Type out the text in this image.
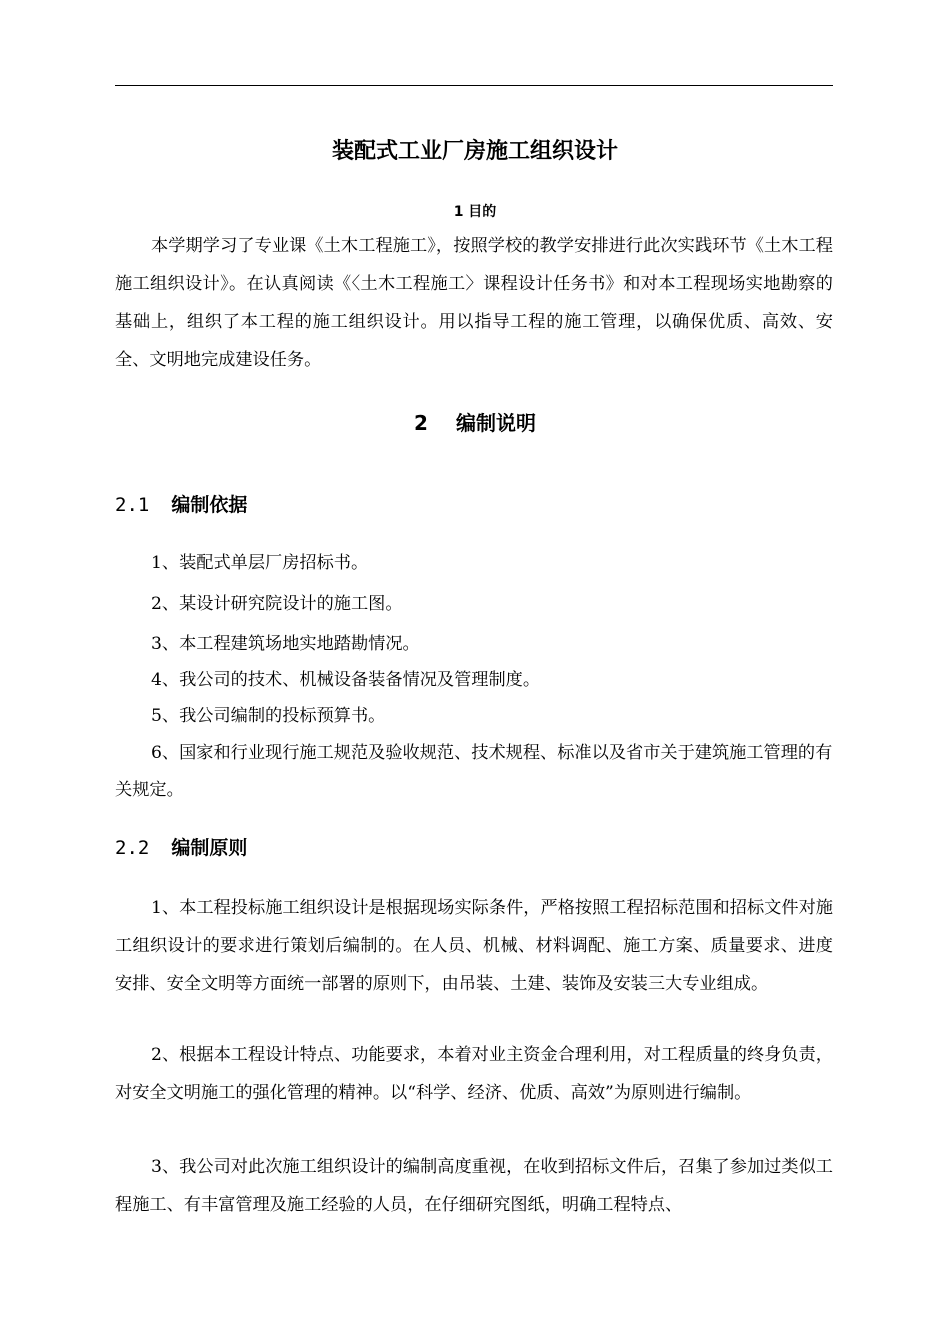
装配式工业厂房施工组织设计
1 目的

本学期学习了专业课《土木工程施工》，按照学校的教学安排进行此次实践环节《土木工程施工组织设计》。在认真阅读《〈土木工程施工〉课程设计任务书》和对本工程现场实地勘察的基础上，组织了本工程的施工组织设计。用以指导工程的施工管理，以确保优质、高效、安全、文明地完成建设任务。

2 编制说明
2.1 编制依据

1、装配式单层厂房招标书。

2、某设计研究院设计的施工图。

3、本工程建筑场地实地踏勘情况。

4、我公司的技术、机械设备装备情况及管理制度。

5、我公司编制的投标预算书。

6、国家和行业现行施工规范及验收规范、技术规程、标准以及省市关于建筑施工管理的有关规定。

2.2 编制原则

1、本工程投标施工组织设计是根据现场实际条件，严格按照工程招标范围和招标文件对施工组织设计的要求进行策划后编制的。在人员、机械、材料调配、施工方案、质量要求、进度安排、安全文明等方面统一部署的原则下，由吊装、土建、装饰及安装三大专业组成。

2、根据本工程设计特点、功能要求，本着对业主资金合理利用，对工程质量的终身负责，对安全文明施工的强化管理的精神。以“科学、经济、优质、高效”为原则进行编制。

3、我公司对此次施工组织设计的编制高度重视，在收到招标文件后，召集了参加过类似工程施工、有丰富管理及施工经验的人员，在仔细研究图纸，明确工程特点、
